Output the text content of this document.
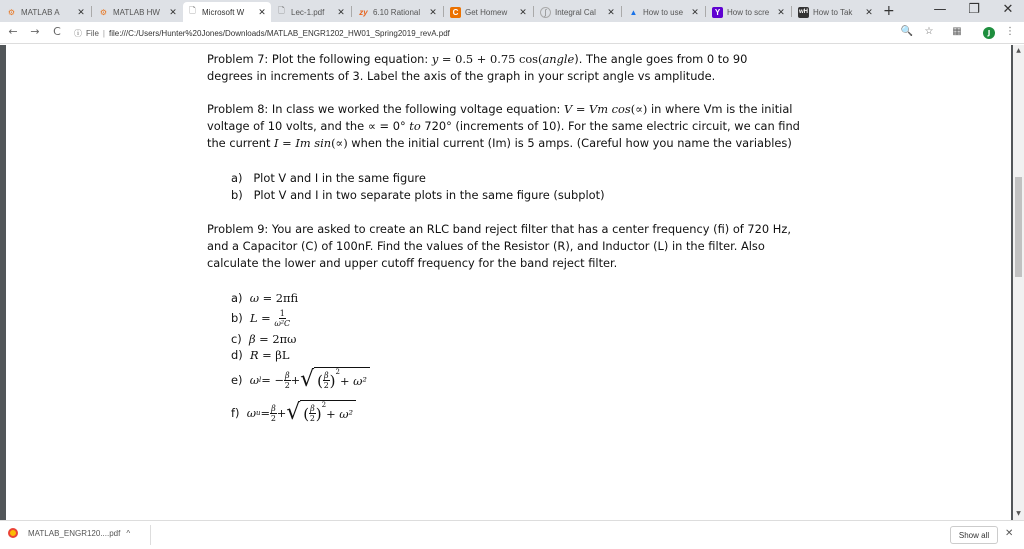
⚙ MATLAB A	✕ ⚙ MATLAB HW	✕ 🗋 Microsoft W	✕ 🗋 Lec-1.pdf	✕ zy 6.10 Rational	✕	C Get Homew	✕	∫	Integral Cal	✕ ▲ How to use ✕	Y How to scre ✕ wH How to Tak	✕ +	—	❐	✕
← → C	ⓘ File | file:///C:/Users/Hunter%20Jones/Downloads/MATLAB_ENGR1202_HW01_Spring2019_revA.pdf	🔍 ☆ ▦	J	⋮
Problem 7: Plot the following equation: y = 0.5 + 0.75 cos(angle). The angle goes from 0 to 90
degrees in increments of 3. Label the axis of the graph in your script angle vs amplitude.
Problem 8: In class we worked the following voltage equation: V = Vm cos(∝) in where Vm is the initial
voltage of 10 volts, and the ∝ = 0° to 720° (increments of 10). For the same electric circuit, we can find
the current I = Im sin(∝) when the initial current (Im) is 5 amps. (Careful how you name the variables)
a) Plot V and I in the same figure
b) Plot V and I in two separate plots in the same figure (subplot)
Problem 9: You are asked to create an RLC band reject filter that has a center frequency (fi) of 720 Hz,
and a Capacitor (C) of 100nF. Find the values of the Resistor (R), and Inductor (L) in the filter. Also
calculate the lower and upper cutoff frequency for the band reject filter.
a) ω = 2πfi
b) $L = \frac{1}{\text{ω²C}}$
c) β = 2πω
d) R = βL
e)
ω l = − $\frac{\beta}{2}$ + √ ( $\frac{\beta}{2} )^2$
+ ω²
f)
ω $u = \frac{\beta}{2}$ + √ ( $\frac{\beta}{2} )^2$
+ ω²
▲
▼
MATLAB_ENGR120....pdf ^	Show all	✕
